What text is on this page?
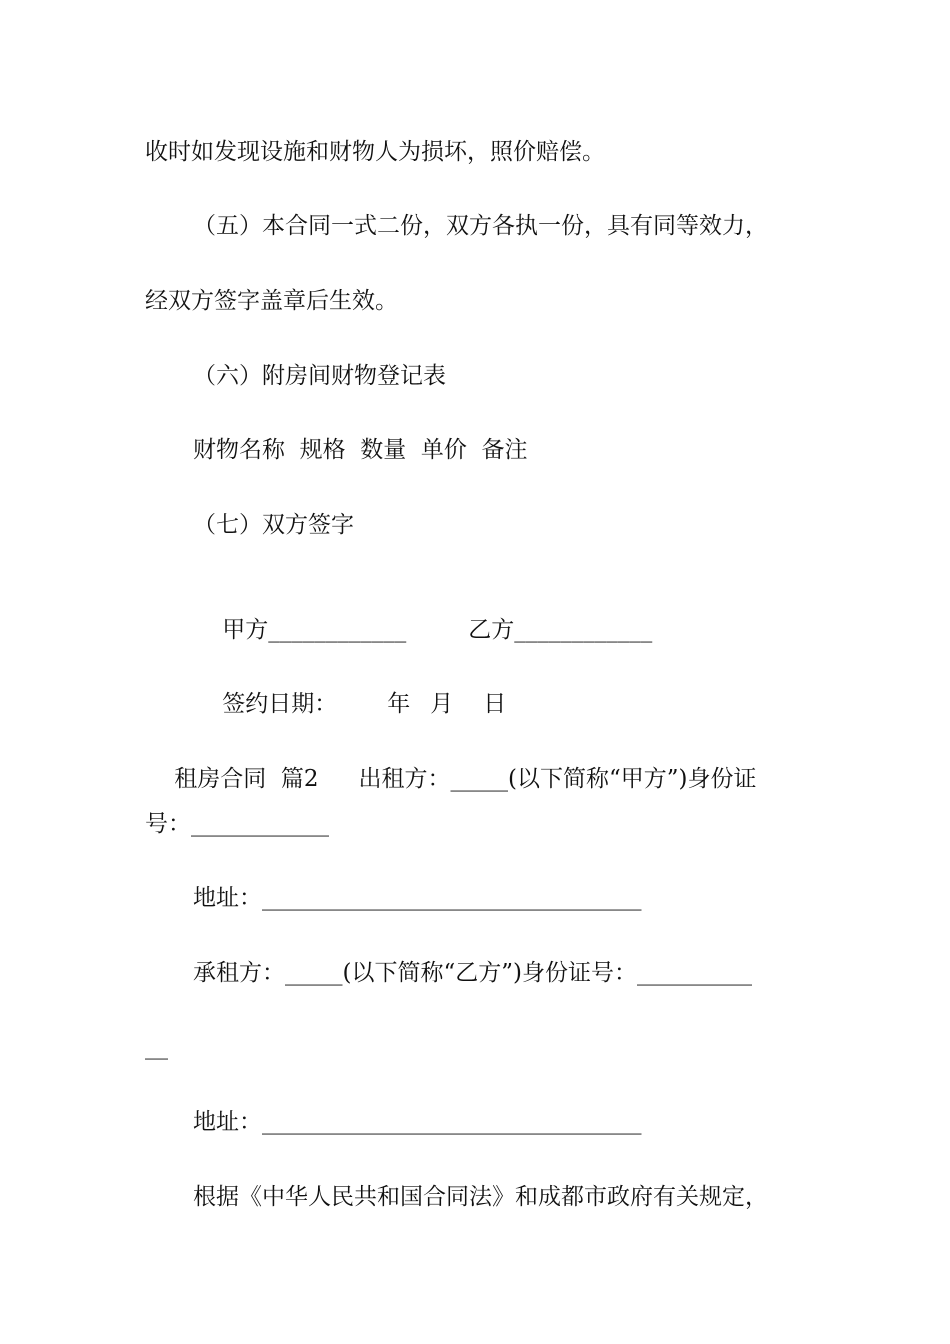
收时如发现设施和财物人为损坏，照价赔偿。
（五）本合同一式二份，双方各执一份，具有同等效力，
经双方签字盖章后生效。
（六）附房间财物登记表
财物名称  规格  数量  单价  备注
（七）双方签字

甲方____________	乙方____________

签约日期： 年 月 日

租房合同  篇2 出租方：_____(以下简称“甲方”)身份证

号：____________
地址：_________________________________
承租方：_____(以下简称“乙方”)身份证号：__________
__
地址：_________________________________
根据《中华人民共和国合同法》和成都市政府有关规定，
